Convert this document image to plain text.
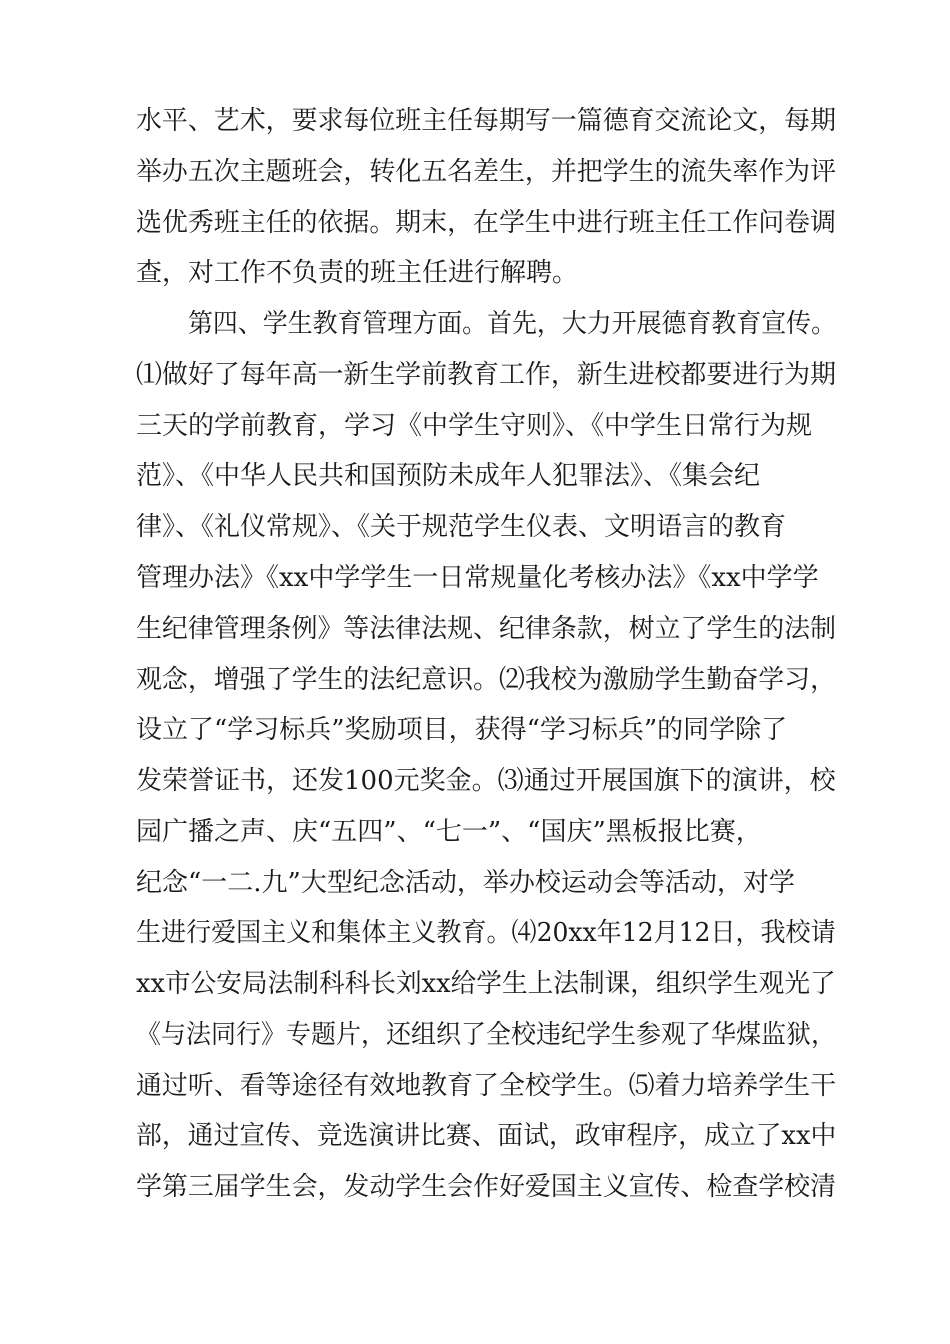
水平、艺术，要求每位班主任每期写一篇德育交流论文，每期
举办五次主题班会，转化五名差生，并把学生的流失率作为评
选优秀班主任的依据。期末，在学生中进行班主任工作问卷调
查，对工作不负责的班主任进行解聘。
第四、学生教育管理方面。首先，大力开展德育教育宣传。
⑴做好了每年高一新生学前教育工作，新生进校都要进行为期
三天的学前教育，学习《中学生守则》、《中学生日常行为规
范》、《中华人民共和国预防未成年人犯罪法》、《集会纪
律》、《礼仪常规》、《关于规范学生仪表、文明语言的教育
管理办法》《xx中学学生一日常规量化考核办法》《xx中学学
生纪律管理条例》等法律法规、纪律条款，树立了学生的法制
观念，增强了学生的法纪意识。⑵我校为激励学生勤奋学习，
设立了“学习标兵”奖励项目，获得“学习标兵”的同学除了
发荣誉证书，还发100元奖金。⑶通过开展国旗下的演讲，校
园广播之声、庆“五四”、“七一”、“国庆”黑板报比赛，
纪念“一二.九”大型纪念活动，举办校运动会等活动，对学
生进行爱国主义和集体主义教育。⑷20xx年12月12日，我校请
xx市公安局法制科科长刘xx给学生上法制课，组织学生观光了
《与法同行》专题片，还组织了全校违纪学生参观了华煤监狱，
通过听、看等途径有效地教育了全校学生。⑸着力培养学生干
部，通过宣传、竞选演讲比赛、面试，政审程序，成立了xx中
学第三届学生会，发动学生会作好爱国主义宣传、检查学校清
